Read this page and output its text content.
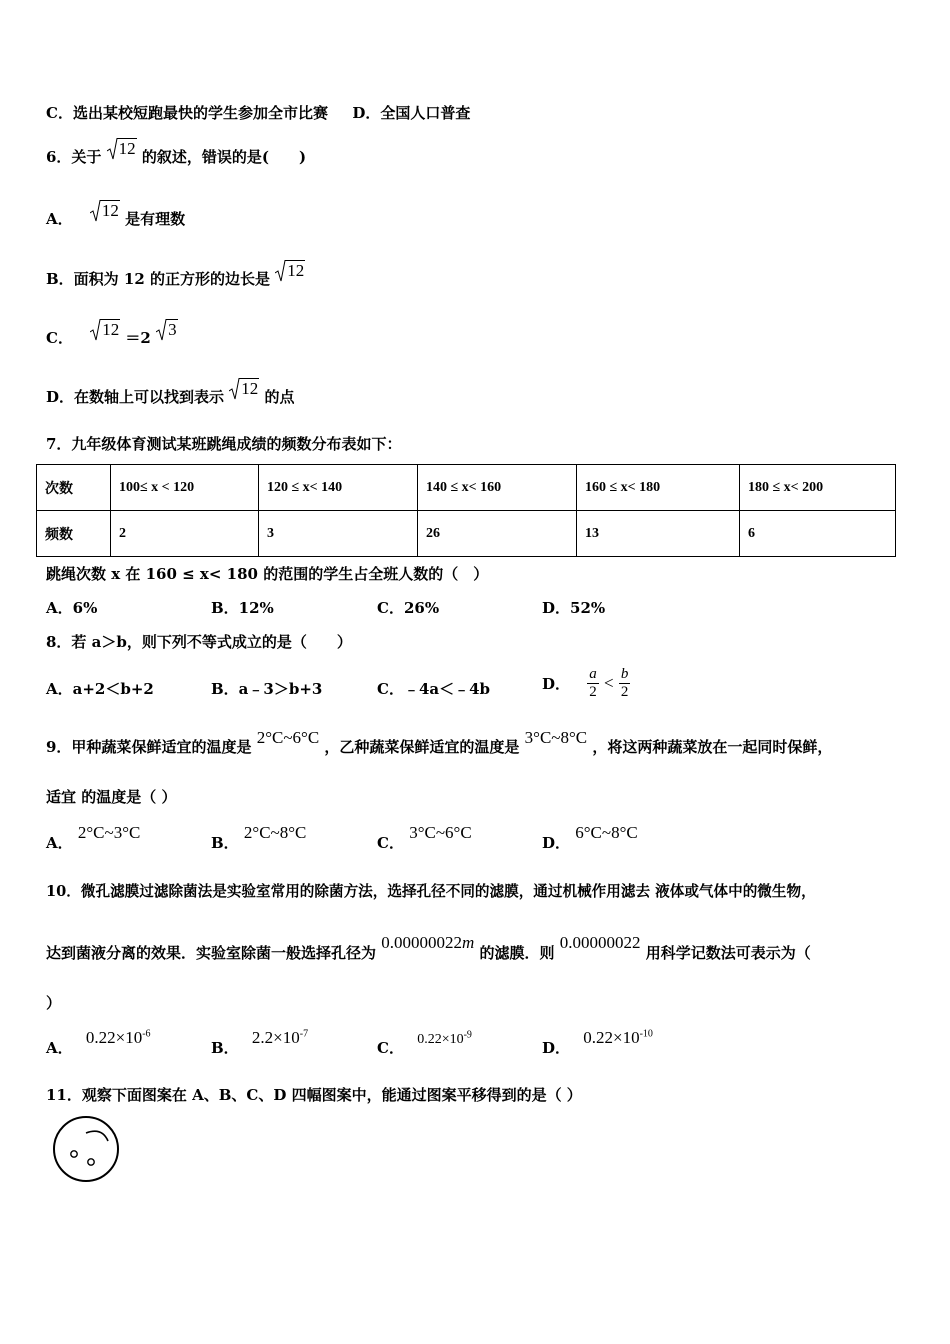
C．选出某校短跑最快的学生参加全市比赛 D．全国人口普查
6．关于 12 的叙述，错误的是(　　)
A． 12 是有理数
B．面积为 12 的正方形的边长是 12
C． 12 ＝2 3
D．在数轴上可以找到表示 12 的点
7．九年级体育测试某班跳绳成绩的频数分布表如下：
次数	100≤ x < 120	120 ≤ x< 140	140 ≤ x< 160	160 ≤ x< 180	180 ≤ x< 200
频数	2	3	26	13	6
跳绳次数 x 在 160 ≤ x< 180 的范围的学生占全班人数的（　）
A．6%	B．12%	C．26%	D．52%
8．若 a＞b，则下列不等式成立的是（　　）
A．a+2＜b+2	B．a﹣3＞b+3	C．﹣4a＜﹣4b	D． $\frac{a}{2} < \frac{b}{2}$
9．甲种蔬菜保鲜适宜的温度是 2°C~6°C ，乙种蔬菜保鲜适宜的温度是 3°C~8°C ，将这两种蔬菜放在一起同时保鲜，
适宜 的温度是（ ）
A． 2°C~3°C
B． 2°C~8°C
C． 3°C~6°C
D． 6°C~8°C
10．微孔滤膜过滤除菌法是实验室常用的除菌方法，选择孔径不同的滤膜，通过机械作用滤去 液体或气体中的微生物，
达到菌液分离的效果．实验室除菌一般选择孔径为 0.00000022m 的滤膜．则 0.00000022 用科学记数法可表示为（
）
A． $0.22\times 10^{-6}$
B． $2.2\times 10^{-7}$
C． $0.22\times 10^{-9}$
D． $0.22\times 10^{-10}$
11．观察下面图案在 A、B、C、D 四幅图案中，能通过图案平移得到的是（ ）
